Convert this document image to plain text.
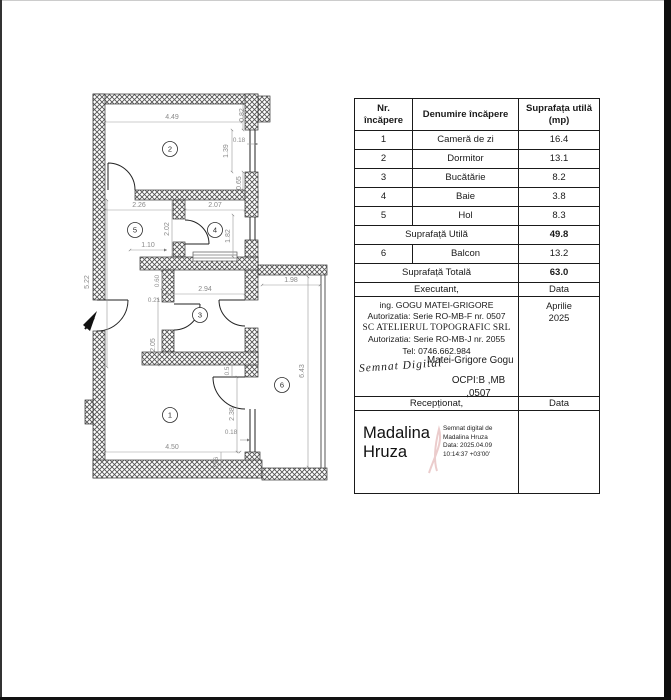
4.49	0.82
0.18
1.39
0.65
2.26	2.07
2.02
1.82
1.10
5.22	0.60
2.94
0.21
2.05
1.98
6.43
0.5
2.38
0.18
4.50
0.66
2
5	4
3
1
6
Nr.
încăpere
Denumire încăpere
Suprafața utilă
(mp)
1	Cameră de zi	16.4
2	Dormitor	13.1
3	Bucătărie	8.2
4	Baie	3.8
5	Hol	8.3
Suprafață Utilă	49.8
6	Balcon	13.2
Suprafață Totală	63.0
Executant,	Data
ing. GOGU MATEI-GRIGORE
Autorizatia: Serie RO-MB-F nr. 0507
SC ATELIERUL TOPOGRAFIC SRL
Autorizatia: Serie RO-MB-J nr. 2055
Tel: 0746.662.984
Semnat Digital
Matei-Grigore Gogu
OCPI:B ,MB ,0507
Aprilie
2025
Recepționat,	Data
Madalina Hruza
Semnat digital de
Madalina Hruza
Data: 2025.04.09
10:14:37 +03'00'
